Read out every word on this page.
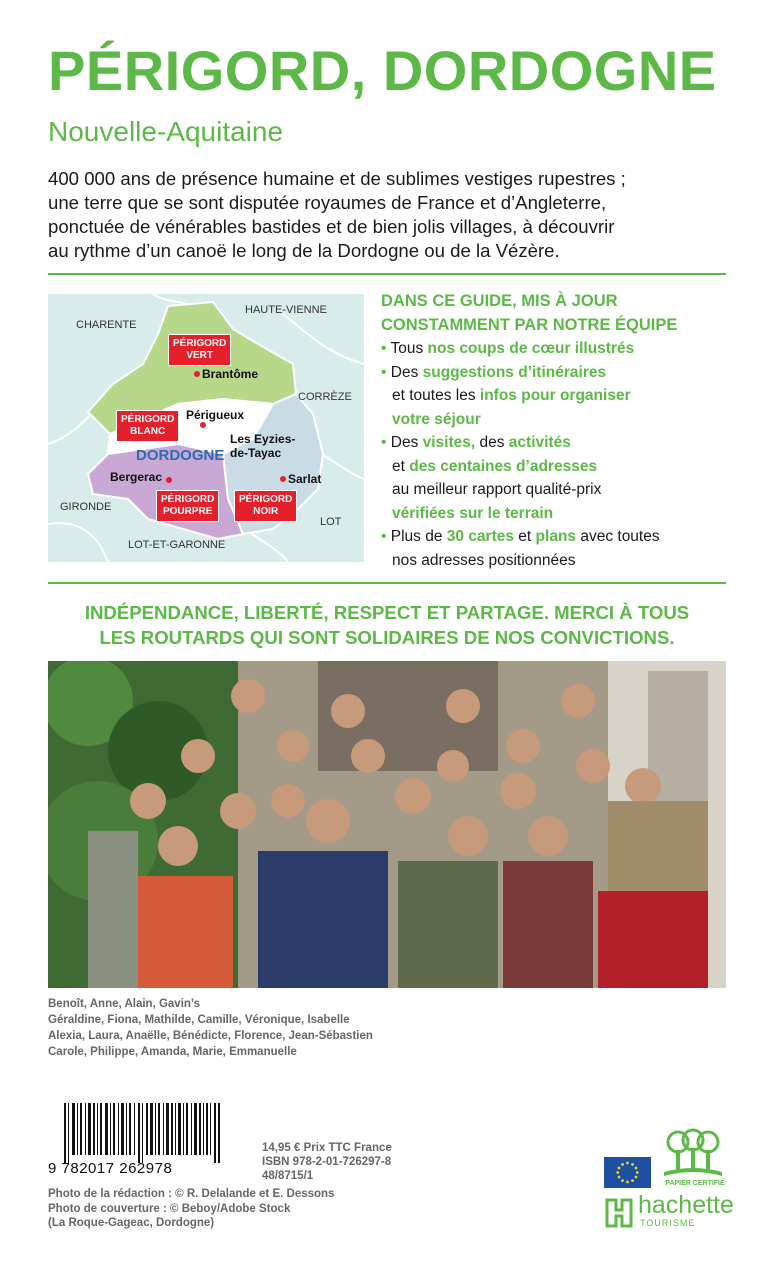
PÉRIGORD, DORDOGNE
Nouvelle-Aquitaine
400 000 ans de présence humaine et de sublimes vestiges rupestres ;
une terre que se sont disputée royaumes de France et d’Angleterre,
ponctuée de vénérables bastides et de bien jolis villages, à découvrir
au rythme d’un canoë le long de la Dordogne ou de la Vézère.
CHARENTE
HAUTE-VIENNE
CORRÈZE
GIRONDE
LOT
LOT-ET-GARONNE
PÉRIGORD
VERT
PÉRIGORD
BLANC
PÉRIGORD
POURPRE
PÉRIGORD
NOIR
Brantôme
Périgueux
Les Eyzies-
de-Tayac
Sarlat
Bergerac
DORDOGNE
DANS CE GUIDE, MIS À JOUR
CONSTAMMENT PAR NOTRE ÉQUIPE
• Tous nos coups de cœur illustrés
• Des suggestions d’itinéraires
et toutes les infos pour organiser
votre séjour
• Des visites, des activités
et des centaines d’adresses
au meilleur rapport qualité-prix
vérifiées sur le terrain
• Plus de 30 cartes et plans avec toutes
nos adresses positionnées
INDÉPENDANCE, LIBERTÉ, RESPECT ET PARTAGE. MERCI À TOUS
LES ROUTARDS QUI SONT SOLIDAIRES DE NOS CONVICTIONS.
Benoît, Anne, Alain, Gavin’s
Géraldine, Fiona, Mathilde, Camille, Véronique, Isabelle
Alexia, Laura, Anaëlle, Bénédicte, Florence, Jean-Sébastien
Carole, Philippe, Amanda, Marie, Emmanuelle
9 782017 262978
14,95 € Prix TTC France
ISBN 978-2-01-726297-8
48/8715/1
Photo de la rédaction : © R. Delalande et E. Dessons
Photo de couverture : © Beboy/Adobe Stock
(La Roque-Gageac, Dordogne)
PAPIER CERTIFIÉ
hachette
TOURISME
